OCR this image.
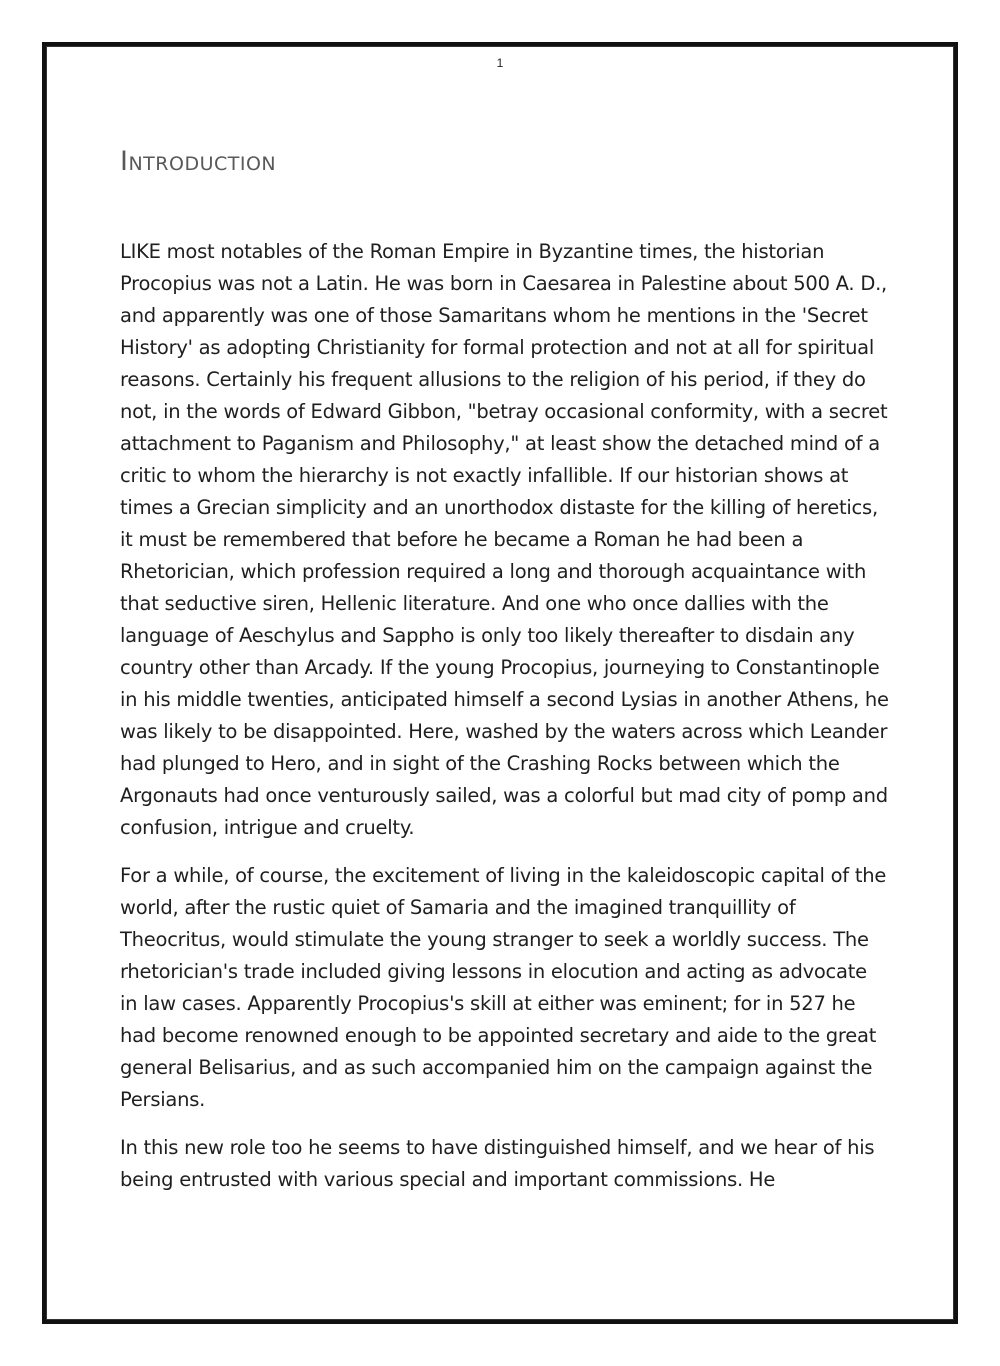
1
Introduction

LIKE most notables of the Roman Empire in Byzantine times, the historian Procopius was not a Latin. He was born in Caesarea in Palestine about 500 A. D., and apparently was one of those Samaritans whom he mentions in the 'Secret History' as adopting Christianity for formal protection and not at all for spiritual reasons. Certainly his frequent allusions to the religion of his period, if they do not, in the words of Edward Gibbon, "betray occasional conformity, with a secret attachment to Paganism and Philosophy," at least show the detached mind of a critic to whom the hierarchy is not exactly infallible. If our historian shows at times a Grecian simplicity and an unorthodox distaste for the killing of heretics, it must be remembered that before he became a Roman he had been a Rhetorician, which profession required a long and thorough acquaintance with that seductive siren, Hellenic literature. And one who once dallies with the language of Aeschylus and Sappho is only too likely thereafter to disdain any country other than Arcady. If the young Procopius, journeying to Constantinople in his middle twenties, anticipated himself a second Lysias in another Athens, he was likely to be disappointed. Here, washed by the waters across which Leander had plunged to Hero, and in sight of the Crashing Rocks between which the Argonauts had once venturously sailed, was a colorful but mad city of pomp and confusion, intrigue and cruelty.

For a while, of course, the excitement of living in the kaleidoscopic capital of the world, after the rustic quiet of Samaria and the imagined tranquillity of Theocritus, would stimulate the young stranger to seek a worldly success. The rhetorician's trade included giving lessons in elocution and acting as advocate in law cases. Apparently Procopius's skill at either was eminent; for in 527 he had become renowned enough to be appointed secretary and aide to the great general Belisarius, and as such accompanied him on the campaign against the Persians.

In this new role too he seems to have distinguished himself, and we hear of his being entrusted with various special and important commissions. He
